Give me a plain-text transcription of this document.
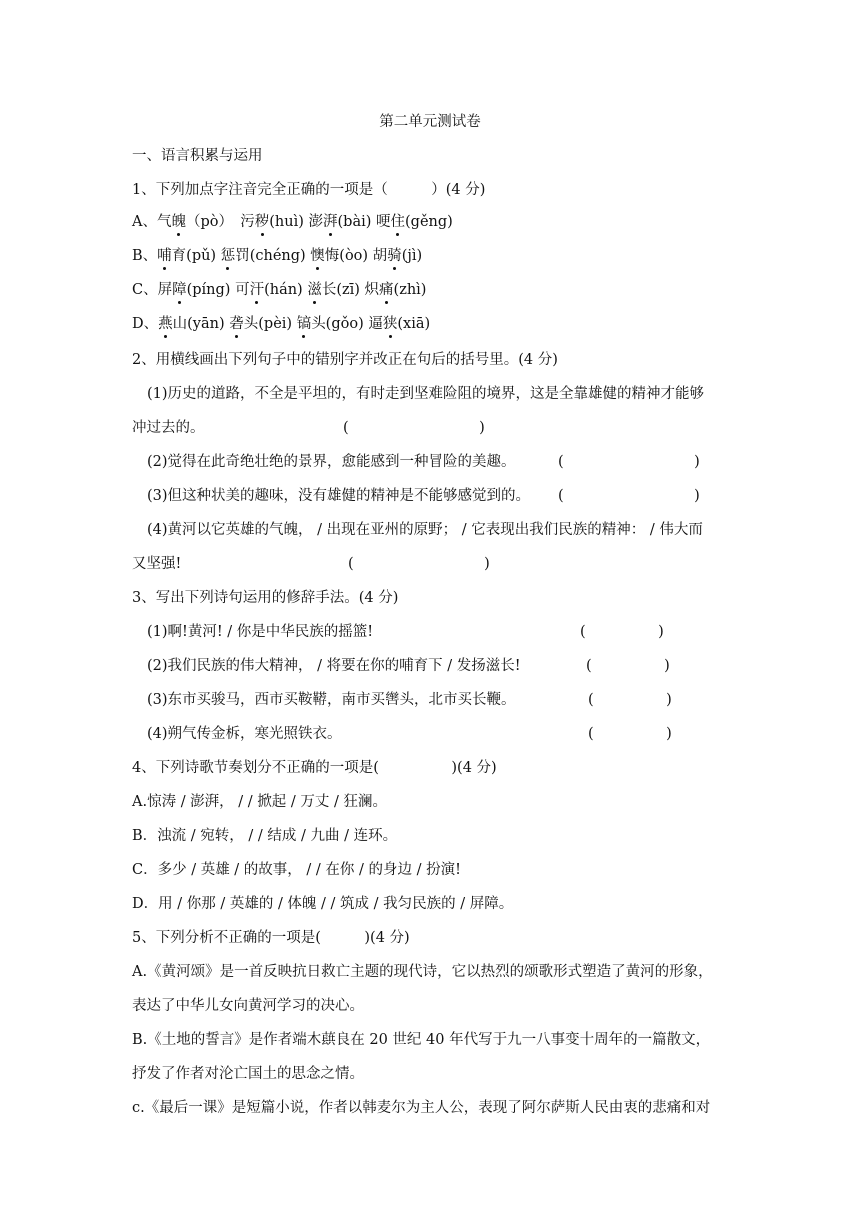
第二单元测试卷
一、语言积累与运用
1、下列加点字注音完全正确的一项是（　　　）(4 分)
A、气魄（pò）　污秽(huì) 澎湃(bài) 哽住(gěng)
B、哺育(pǔ) 惩罚(chéng) 懊悔(òo) 胡骑(jì)
C、屏障(píng) 可汗(hán) 滋长(zī) 炽痛(zhì)
D、燕山(yān) 砻头(pèi) 镐头(gǒo) 逼狭(xiā)
2、用横线画出下列句子中的错别字并改正在句后的括号里。(4 分)
(1)历史的道路，不全是平坦的，有时走到坚难险阻的境界，这是全靠雄健的精神才能够
冲过去的。	(　　　　　　　　　)
(2)觉得在此奇绝壮绝的景界，愈能感到一种冒险的美趣。	(　　　　　　　　　)
(3)但这种状美的趣味，没有雄健的精神是不能够感觉到的。	(　　　　　　　　　)
(4)黄河以它英雄的气魄， / 出现在亚州的原野； / 它表现出我们民族的精神： / 伟大而
又坚强!	(　　　　　　　　　)
3、写出下列诗句运用的修辞手法。(4 分)
(1)啊!黄河! / 你是中华民族的摇篮!	(　　　　　)
(2)我们民族的伟大精神， / 将要在你的哺育下 / 发扬滋长!	(　　　　　)
(3)东市买骏马，西市买鞍鞯，南市买辔头，北市买长鞭。	(　　　　　)
(4)朔气传金柝，寒光照铁衣。	(　　　　　)
4、下列诗歌节奏划分不正确的一项是(　　　　　)(4 分)
A.惊涛 / 澎湃， / / 掀起 / 万丈 / 狂澜。
B．浊流 / 宛转， / / 结成 / 九曲 / 连环。
C．多少 / 英雄 / 的故事， / / 在你 / 的身边 / 扮演!
D．用 / 你那 / 英雄的 / 体魄 / / 筑成 / 我匀民族的 / 屏障。
5、下列分析不正确的一项是(　　　)(4 分)
A.《黄河颂》是一首反映抗日救亡主题的现代诗，它以热烈的颂歌形式塑造了黄河的形象，
表达了中华儿女向黄河学习的决心。
B.《土地的誓言》是作者端木蕻良在 20 世纪 40 年代写于九一八事变十周年的一篇散文，
抒发了作者对沦亡国土的思念之情。
c.《最后一课》是短篇小说，作者以韩麦尔为主人公，表现了阿尔萨斯人民由衷的悲痛和对
